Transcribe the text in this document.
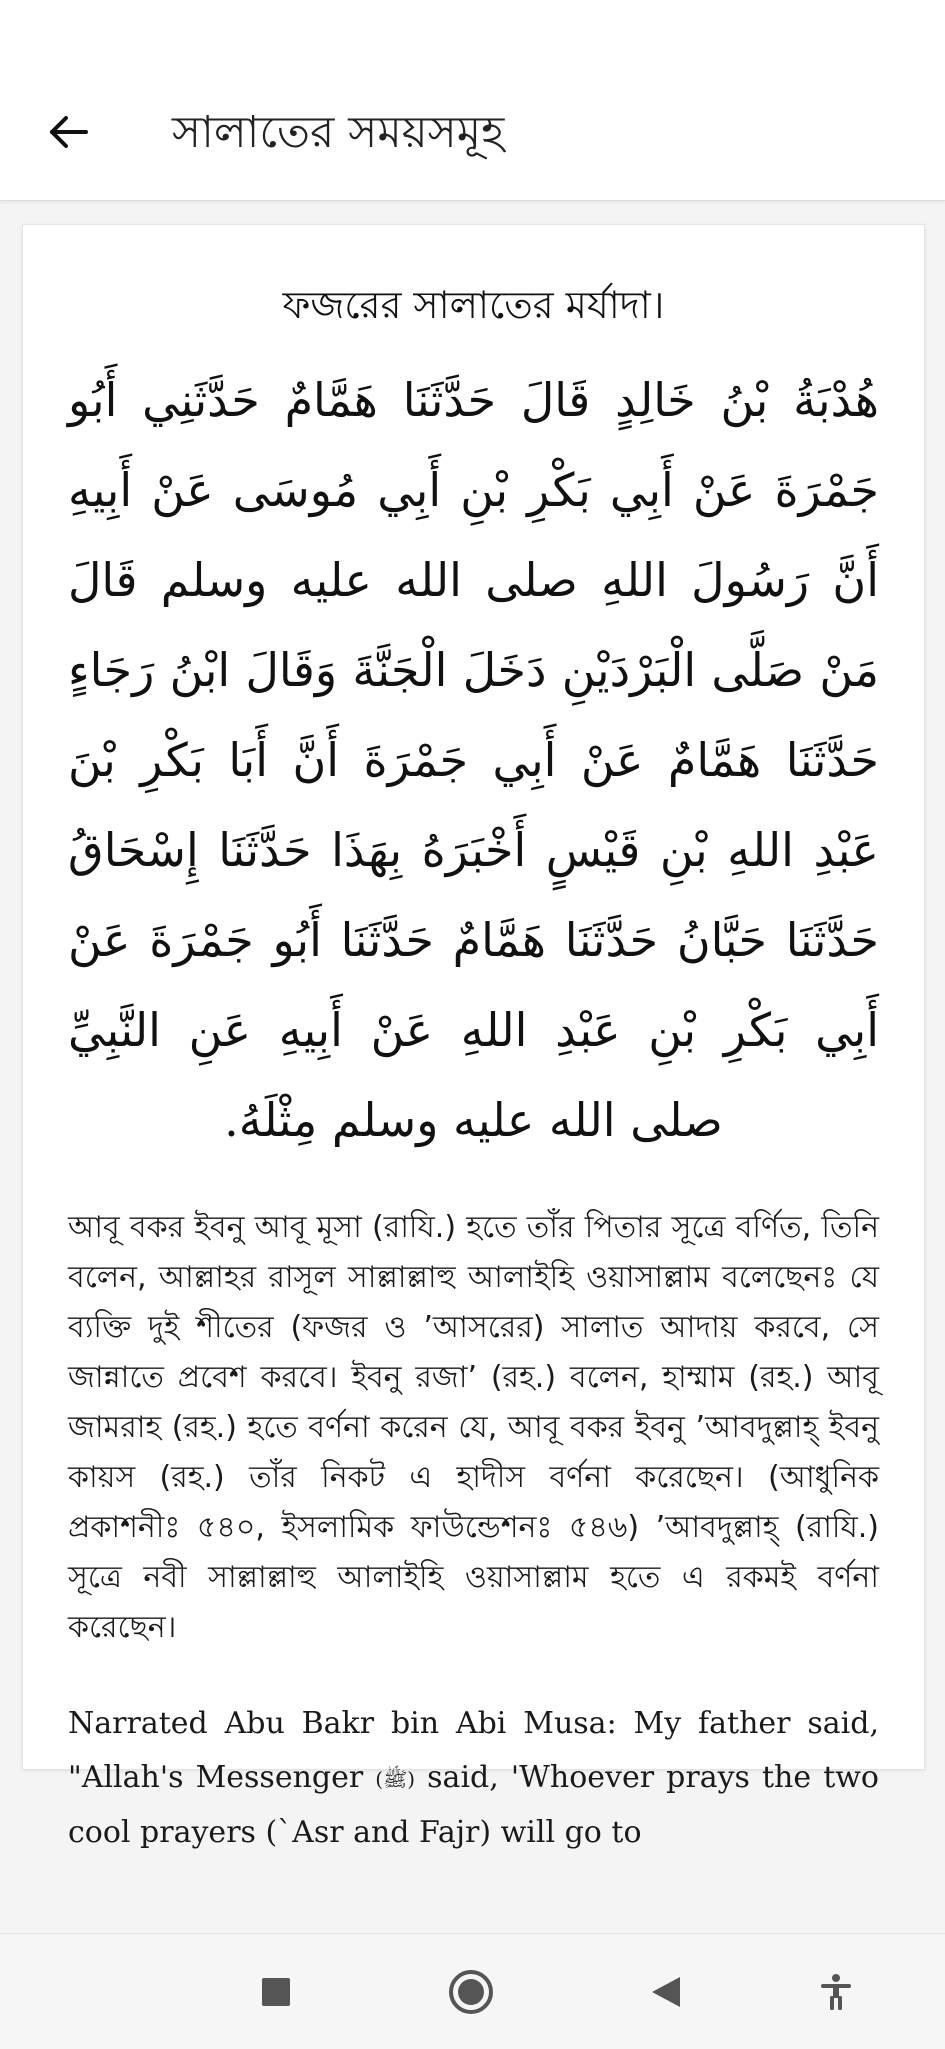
সালাতের সময়সমূহ
ফজরের সালাতের মর্যাদা।
هُدْبَةُ بْنُ خَالِدٍ قَالَ حَدَّثَنَا هَمَّامٌ حَدَّثَنِي أَبُو جَمْرَةَ عَنْ أَبِي بَكْرِ بْنِ أَبِي مُوسَى عَنْ أَبِيهِ أَنَّ رَسُولَ اللهِ صلى الله عليه وسلم قَالَ مَنْ صَلَّى الْبَرْدَيْنِ دَخَلَ الْجَنَّةَ وَقَالَ ابْنُ رَجَاءٍ حَدَّثَنَا هَمَّامٌ عَنْ أَبِي جَمْرَةَ أَنَّ أَبَا بَكْرِ بْنَ عَبْدِ اللهِ بْنِ قَيْسٍ أَخْبَرَهُ بِهَذَا حَدَّثَنَا إِسْحَاقُ حَدَّثَنَا حَبَّانُ حَدَّثَنَا هَمَّامٌ حَدَّثَنَا أَبُو جَمْرَةَ عَنْ أَبِي بَكْرِ بْنِ عَبْدِ اللهِ عَنْ أَبِيهِ عَنِ النَّبِيِّ صلى الله عليه وسلم مِثْلَهُ.
আবূ বকর ইবনু আবূ মূসা (রাযি.) হতে তাঁর পিতার সূত্রে বর্ণিত, তিনি বলেন, আল্লাহর রাসূল সাল্লাল্লাহু আলাইহি ওয়াসাল্লাম বলেছেনঃ যে ব্যক্তি দুই শীতের (ফজর ও ’আসরের) সালাত আদায় করবে, সে জান্নাতে প্রবেশ করবে। ইবনু রজা’ (রহ.) বলেন, হাম্মাম (রহ.) আবূ জামরাহ (রহ.) হতে বর্ণনা করেন যে, আবূ বকর ইবনু ’আবদুল্লাহ্ ইবনু কায়স (রহ.) তাঁর নিকট এ হাদীস বর্ণনা করেছেন। (আধুনিক প্রকাশনীঃ ৫৪০, ইসলামিক ফাউন্ডেশনঃ ৫৪৬) ’আবদুল্লাহ্ (রাযি.) সূত্রে নবী সাল্লাল্লাহু আলাইহি ওয়াসাল্লাম হতে এ রকমই বর্ণনা করেছেন।
Narrated Abu Bakr bin Abi Musa: My father said, "Allah's Messenger (ﷺ) said, 'Whoever prays the two cool prayers (`Asr and Fajr) will go to
